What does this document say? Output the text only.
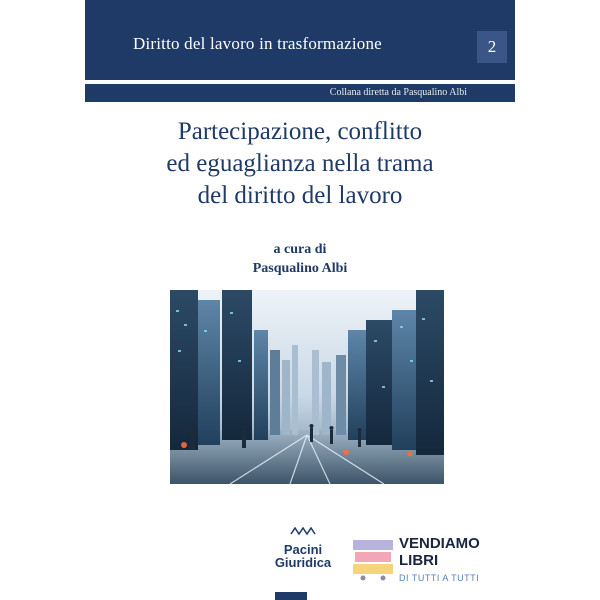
Diritto del lavoro in trasformazione	2
Collana diretta da Pasqualino Albi
Partecipazione, conflitto
ed eguaglianza nella trama
del diritto del lavoro
a cura di
Pasqualino Albi
Pacini
Giuridica
VENDIAMO
LIBRI
DI TUTTI A TUTTI
